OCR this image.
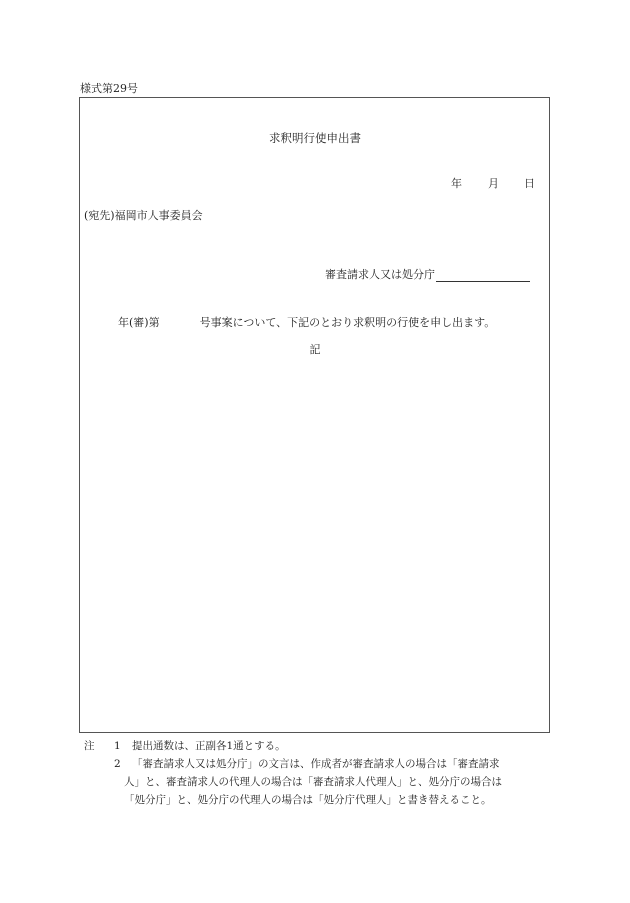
様式第29号
求釈明行使申出書
年 月 日
(宛先)福岡市人事委員会
審査請求人又は処分庁
年(審)第	号事案について、下記のとおり求釈明の行使を申し出ます。
記
注 1 提出通数は、正副各1通とする。
2 「審査請求人又は処分庁」の文言は、作成者が審査請求人の場合は「審査請求
人」と、審査請求人の代理人の場合は「審査請求人代理人」と、処分庁の場合は
「処分庁」と、処分庁の代理人の場合は「処分庁代理人」と書き替えること。
